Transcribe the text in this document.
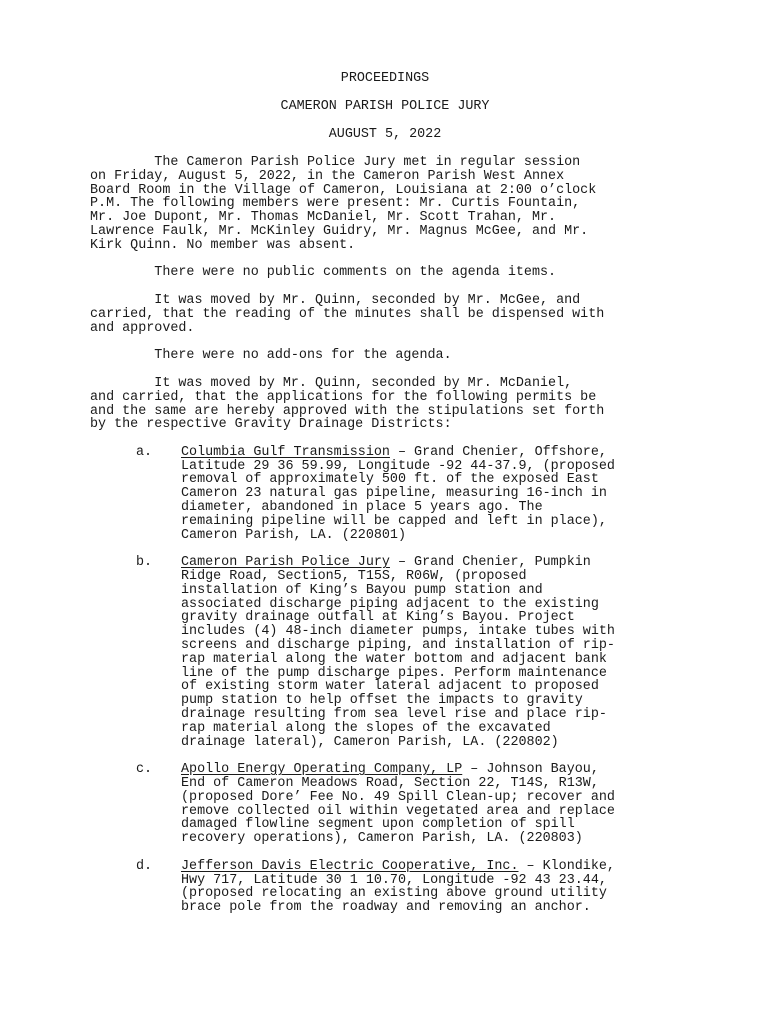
PROCEEDINGS
CAMERON PARISH POLICE JURY
AUGUST 5, 2022
The Cameron Parish Police Jury met in regular session
on Friday, August 5, 2022, in the Cameron Parish West Annex
Board Room in the Village of Cameron, Louisiana at 2:00 o’clock
P.M. The following members were present: Mr. Curtis Fountain,
Mr. Joe Dupont, Mr. Thomas McDaniel, Mr. Scott Trahan, Mr.
Lawrence Faulk, Mr. McKinley Guidry, Mr. Magnus McGee, and Mr.
Kirk Quinn. No member was absent.
There were no public comments on the agenda items.
It was moved by Mr. Quinn, seconded by Mr. McGee, and
carried, that the reading of the minutes shall be dispensed with
and approved.
There were no add-ons for the agenda.
It was moved by Mr. Quinn, seconded by Mr. McDaniel,
and carried, that the applications for the following permits be
and the same are hereby approved with the stipulations set forth
by the respective Gravity Drainage Districts:
a. Columbia Gulf Transmission – Grand Chenier, Offshore,
Latitude 29 36 59.99, Longitude -92 44-37.9, (proposed
removal of approximately 500 ft. of the exposed East
Cameron 23 natural gas pipeline, measuring 16-inch in
diameter, abandoned in place 5 years ago. The
remaining pipeline will be capped and left in place),
Cameron Parish, LA. (220801)
b. Cameron Parish Police Jury – Grand Chenier, Pumpkin
Ridge Road, Section5, T15S, R06W, (proposed
installation of King’s Bayou pump station and
associated discharge piping adjacent to the existing
gravity drainage outfall at King’s Bayou. Project
includes (4) 48-inch diameter pumps, intake tubes with
screens and discharge piping, and installation of rip-
rap material along the water bottom and adjacent bank
line of the pump discharge pipes. Perform maintenance
of existing storm water lateral adjacent to proposed
pump station to help offset the impacts to gravity
drainage resulting from sea level rise and place rip-
rap material along the slopes of the excavated
drainage lateral), Cameron Parish, LA. (220802)
c. Apollo Energy Operating Company, LP – Johnson Bayou,
End of Cameron Meadows Road, Section 22, T14S, R13W,
(proposed Dore’ Fee No. 49 Spill Clean-up; recover and
remove collected oil within vegetated area and replace
damaged flowline segment upon completion of spill
recovery operations), Cameron Parish, LA. (220803)
d. Jefferson Davis Electric Cooperative, Inc. – Klondike,
Hwy 717, Latitude 30 1 10.70, Longitude -92 43 23.44,
(proposed relocating an existing above ground utility
brace pole from the roadway and removing an anchor.
